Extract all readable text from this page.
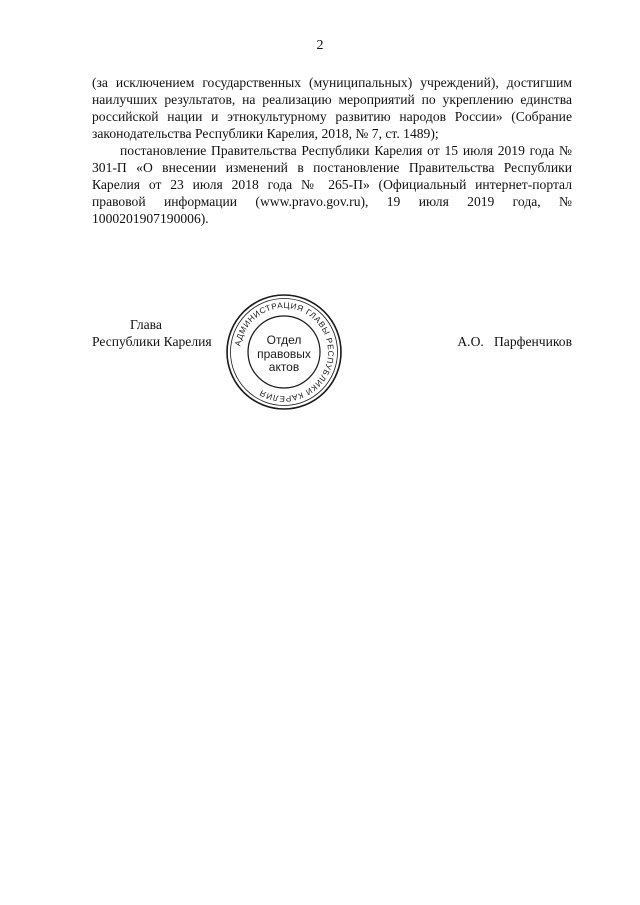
2

(за исключением государственных (муниципальных) учреждений), достигшим наилучших результатов, на реализацию мероприятий по укреплению единства российской нации и этнокультурному развитию народов России» (Собрание законодательства Республики Карелия, 2018, № 7, ст. 1489);

постановление Правительства Республики Карелия от 15 июля 2019 года № 301-П «О внесении изменений в постановление Правительства Республики Карелия от 23 июля 2018 года № 265-П» (Официальный интернет-портал правовой информации (www.pravo.gov.ru), 19 июля 2019 года, № 1000201907190006).

Глава
Республики Карелия	АДМИНИСТРАЦИЯ ГЛАВЫ РЕСПУБЛИКИ КАРЕЛИЯ
Отдел
правовых
актов
А.О.   Парфенчиков
